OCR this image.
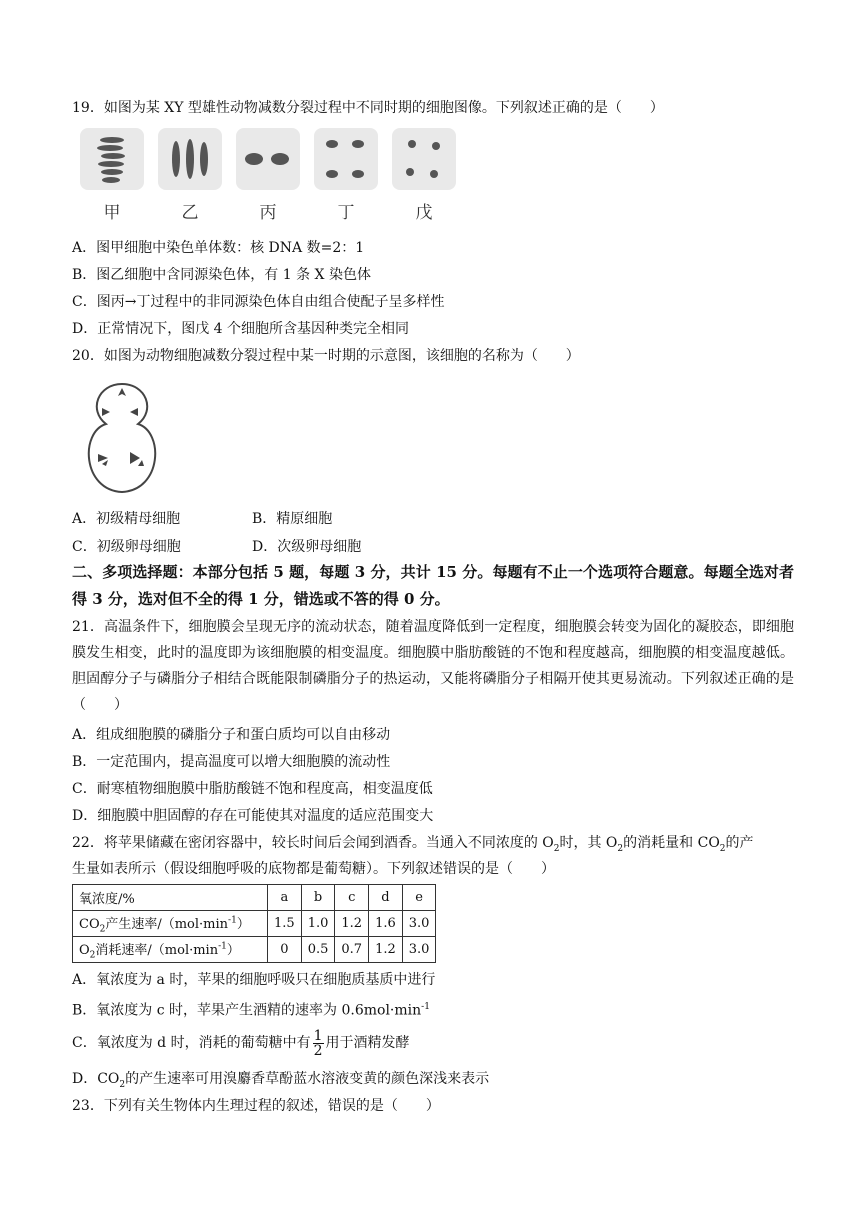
19．如图为某 XY 型雄性动物减数分裂过程中不同时期的细胞图像。下列叙述正确的是（　　）
甲	乙	丙	丁	戊
A．图甲细胞中染色单体数：核 DNA 数=2：1
B．图乙细胞中含同源染色体，有 1 条 X 染色体
C．图丙→丁过程中的非同源染色体自由组合使配子呈多样性
D．正常情况下，图戊 4 个细胞所含基因种类完全相同
20．如图为动物细胞减数分裂过程中某一时期的示意图，该细胞的名称为（　　）
A．初级精母细胞	B．精原细胞
C．初级卵母细胞	D．次级卵母细胞
二、多项选择题：本部分包括 5 题，每题 3 分，共计 15 分。每题有不止一个选项符合题意。每题全选对者得 3 分，选对但不全的得 1 分，错选或不答的得 0 分。
21．高温条件下，细胞膜会呈现无序的流动状态，随着温度降低到一定程度，细胞膜会转变为固化的凝胶态，即细胞膜发生相变，此时的温度即为该细胞膜的相变温度。细胞膜中脂肪酸链的不饱和程度越高，细胞膜的相变温度越低。胆固醇分子与磷脂分子相结合既能限制磷脂分子的热运动，又能将磷脂分子相隔开使其更易流动。下列叙述正确的是（　　）
A．组成细胞膜的磷脂分子和蛋白质均可以自由移动
B．一定范围内，提高温度可以增大细胞膜的流动性
C．耐寒植物细胞膜中脂肪酸链不饱和程度高，相变温度低
D．细胞膜中胆固醇的存在可能使其对温度的适应范围变大
22．将苹果储藏在密闭容器中，较长时间后会闻到酒香。当通入不同浓度的 $O_2$时，其 $O_2$的消耗量和 $CO_2$的产
生量如表所示（假设细胞呼吸的底物都是葡萄糖）。下列叙述错误的是（　　）
氧浓度/%	a	b	c	d	e
$CO_2$产生速率$/(mol\cdot\min^{-1})$	1.5	1.0	1.2	1.6	3.0
$O_2$消耗速率$/(mol\cdot\min^{-1})$	0	0.5	0.7	1.2	3.0
A．氧浓度为 a 时，苹果的细胞呼吸只在细胞质基质中进行
B．氧浓度为 c 时，苹果产生酒精的速率为 $0.6mol\cdot\min^{-1}$
C．氧浓度为 d 时，消耗的葡萄糖中有 $\frac{1}{2}$ 用于酒精发酵
D．$CO_2$的产生速率可用溴麝香草酚蓝水溶液变黄的颜色深浅来表示
23．下列有关生物体内生理过程的叙述，错误的是（　　）
